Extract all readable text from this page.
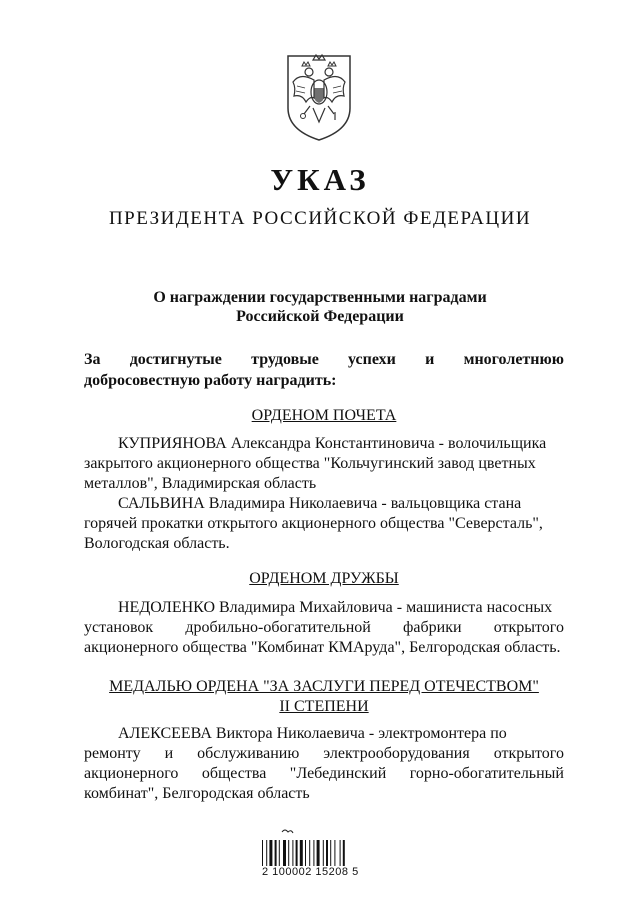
УКАЗ
ПРЕЗИДЕНТА РОССИЙСКОЙ ФЕДЕРАЦИИ
О награждении государственными наградами
Российской Федерации
За достигнутые трудовые успехи и многолетнюю
добросовестную работу наградить:
ОРДЕНОМ ПОЧЕТА
КУПРИЯНОВА Александра Константиновича - волочильщика
закрытого акционерного общества "Кольчугинский завод цветных
металлов", Владимирская область
САЛЬВИНА Владимира Николаевича - вальцовщика стана
горячей прокатки открытого акционерного общества "Северсталь",
Вологодская область.
ОРДЕНОМ ДРУЖБЫ
НЕДОЛЕНКО Владимира Михайловича - машиниста насосных
установок дробильно-обогатительной фабрики открытого
акционерного общества "Комбинат КМАруда", Белгородская область.
МЕДАЛЬЮ ОРДЕНА "ЗА ЗАСЛУГИ ПЕРЕД ОТЕЧЕСТВОМ"
II СТЕПЕНИ
АЛЕКСЕЕВА Виктора Николаевича - электромонтера по
ремонту и обслуживанию электрооборудования открытого
акционерного общества "Лебединский горно-обогатительный
комбинат", Белгородская область
2 100002 15208 5
